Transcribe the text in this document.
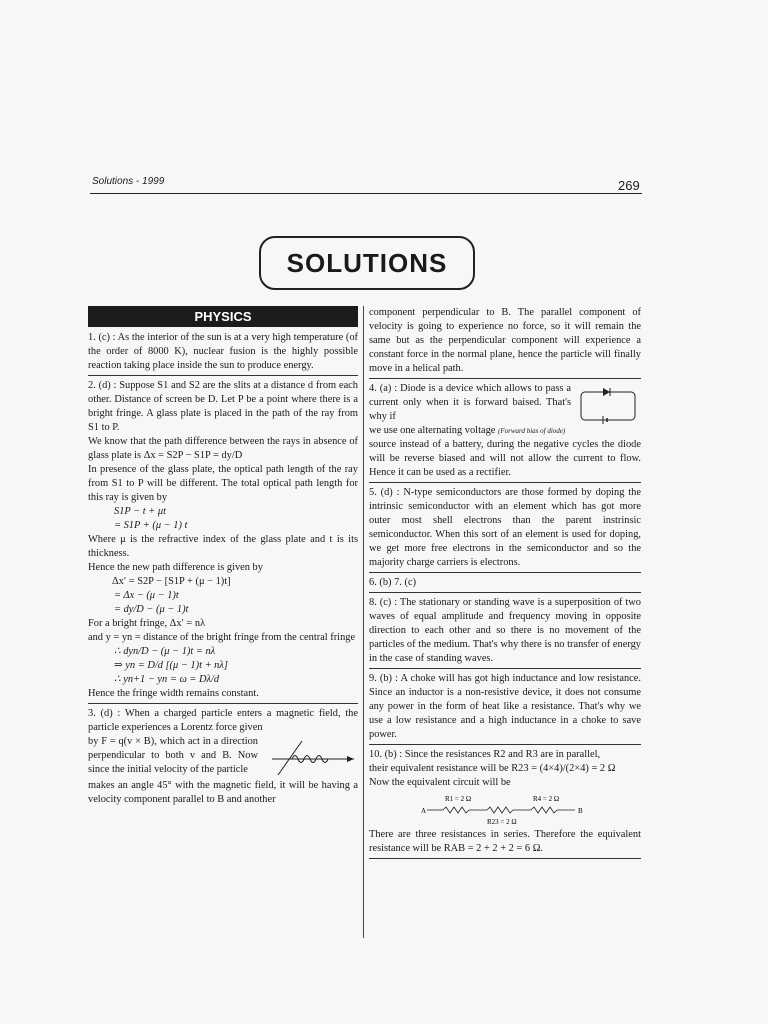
Solutions - 1999	269
SOLUTIONS
PHYSICS

1. (c) : As the interior of the sun is at a very high temperature (of the order of 8000 K), nuclear fusion is the highly possible reaction taking place inside the sun to produce energy.

2. (d) : Suppose S1 and S2 are the slits at a distance d from each other. Distance of screen be D. Let P be a point where there is a bright fringe. A glass plate is placed in the path of the ray from S1 to P.

We know that the path difference between the rays in absence of glass plate is Δx = S2P − S1P = dy/D

In presence of the glass plate, the optical path length of the ray from S1 to P will be different. The total optical path length for this ray is given by

S1P − t + μt

= S1P + (μ − 1) t

Where μ is the refractive index of the glass plate and t is its thickness.

Hence the new path difference is given by

Δx′ = S2P − [S1P + (μ − 1)t]

= Δx − (μ − 1)t

= dy/D − (μ − 1)t

For a bright fringe, Δx′ = nλ

and y = yn = distance of the bright fringe from the central fringe

∴ dyn/D − (μ − 1)t = nλ

⇒ yn = D/d [(μ − 1)t + nλ]

∴ yn+1 − yn = ω = Dλ/d

Hence the fringe width remains constant.

3. (d) : When a charged particle enters a magnetic field, the particle experiences a Lorentz force given

by F = q(v × B), which act in a direction perpendicular to both v and B. Now since the initial velocity of the particle

makes an angle 45° with the magnetic field, it will be having a velocity component parallel to B and another

component perpendicular to B. The parallel component of velocity is going to experience no force, so it will remain the same but as the perpendicular component will experience a constant force in the normal plane, hence the particle will finally move in a helical path.

4. (a) : Diode is a device which allows to pass a current only when it is forward baised. That's why if

we use one alternating voltage (Forward bias of diode)

source instead of a battery, during the negative cycles the diode will be reverse biased and will not allow the current to flow. Hence it can be used as a rectifier.

5. (d) : N-type semiconductors are those formed by doping the intrinsic semiconductor with an element which has got more outer most shell electrons than the parent instrinsic semiconductor. When this sort of an element is used for doping, we get more free electrons in the semiconductor and so the majority charge carriers is electrons.

6. (b) 7. (c)

8. (c) : The stationary or standing wave is a superposition of two waves of equal amplitude and frequency moving in opposite direction to each other and so there is no movement of the particles of the medium. That's why there is no transfer of energy in the case of standing waves.

9. (b) : A choke will has got high inductance and low resistance. Since an inductor is a non-resistive device, it does not consume any power in the form of heat like a resistance. That's why we use a low resistance and a high inductance in a choke to save power.

10. (b) : Since the resistances R2 and R3 are in parallel,

their equivalent resistance will be R23 = (4×4)/(2×4) = 2 Ω

Now the equivalent circuit will be

A	B
R1 = 2 Ω	R4 = 2 Ω
R23 = 2 Ω

There are three resistances in series. Therefore the equivalent resistance will be RAB = 2 + 2 + 2 = 6 Ω.
